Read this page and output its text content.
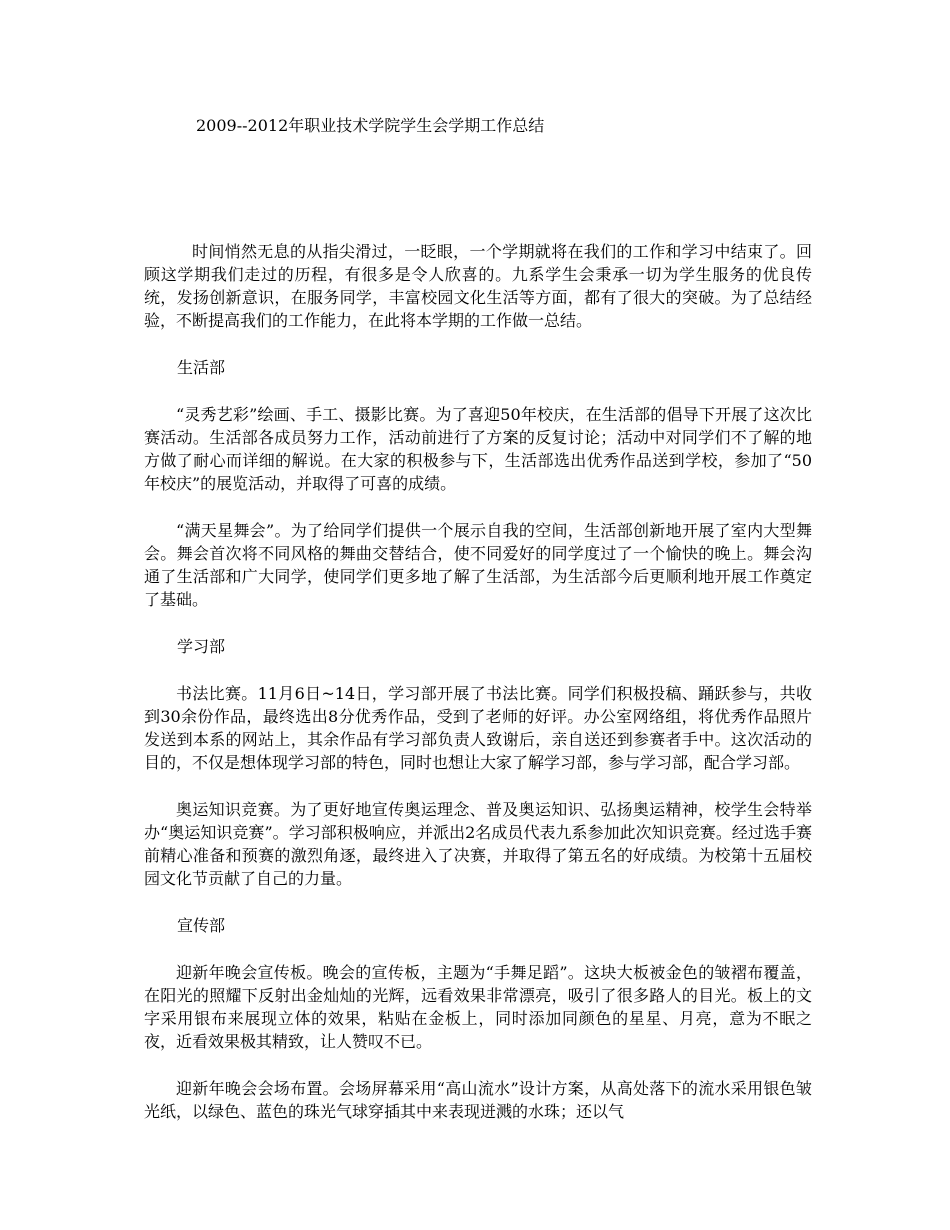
2009--2012年职业技术学院学生会学期工作总结

时间悄然无息的从指尖滑过，一眨眼，一个学期就将在我们的工作和学习中结束了。回顾这学期我们走过的历程，有很多是令人欣喜的。九系学生会秉承一切为学生服务的优良传统，发扬创新意识，在服务同学，丰富校园文化生活等方面，都有了很大的突破。为了总结经验，不断提高我们的工作能力，在此将本学期的工作做一总结。

生活部

“灵秀艺彩”绘画、手工、摄影比赛。为了喜迎50年校庆，在生活部的倡导下开展了这次比赛活动。生活部各成员努力工作，活动前进行了方案的反复讨论；活动中对同学们不了解的地方做了耐心而详细的解说。在大家的积极参与下，生活部选出优秀作品送到学校，参加了“50年校庆”的展览活动，并取得了可喜的成绩。

“满天星舞会”。为了给同学们提供一个展示自我的空间，生活部创新地开展了室内大型舞会。舞会首次将不同风格的舞曲交替结合，使不同爱好的同学度过了一个愉快的晚上。舞会沟通了生活部和广大同学，使同学们更多地了解了生活部，为生活部今后更顺利地开展工作奠定了基础。

学习部

书法比赛。11月6日~14日，学习部开展了书法比赛。同学们积极投稿、踊跃参与，共收到30余份作品，最终选出8分优秀作品，受到了老师的好评。办公室网络组，将优秀作品照片发送到本系的网站上，其余作品有学习部负责人致谢后，亲自送还到参赛者手中。这次活动的目的，不仅是想体现学习部的特色，同时也想让大家了解学习部，参与学习部，配合学习部。

奥运知识竞赛。为了更好地宣传奥运理念、普及奥运知识、弘扬奥运精神，校学生会特举办“奥运知识竞赛”。学习部积极响应，并派出2名成员代表九系参加此次知识竞赛。经过选手赛前精心准备和预赛的激烈角逐，最终进入了决赛，并取得了第五名的好成绩。为校第十五届校园文化节贡献了自己的力量。

宣传部

迎新年晚会宣传板。晚会的宣传板，主题为“手舞足蹈”。这块大板被金色的皱褶布覆盖，在阳光的照耀下反射出金灿灿的光辉，远看效果非常漂亮，吸引了很多路人的目光。板上的文字采用银布来展现立体的效果，粘贴在金板上，同时添加同颜色的星星、月亮，意为不眠之夜，近看效果极其精致，让人赞叹不已。

迎新年晚会会场布置。会场屏幕采用“高山流水”设计方案，从高处落下的流水采用银色皱光纸，以绿色、蓝色的珠光气球穿插其中来表现迸溅的水珠；还以气
